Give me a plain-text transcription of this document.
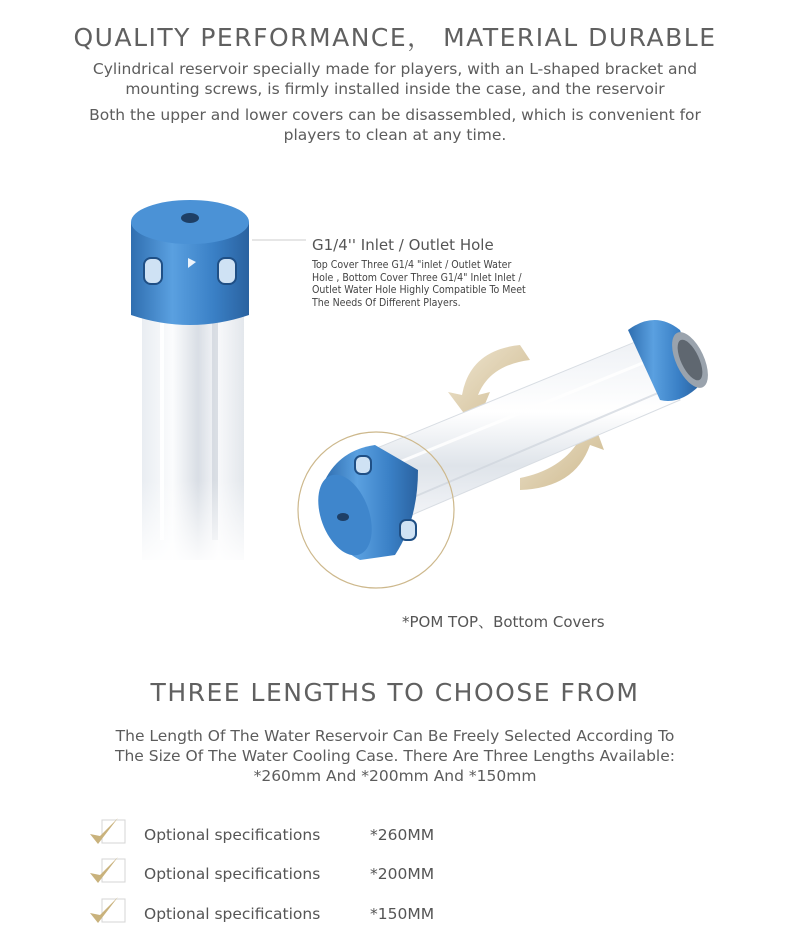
QUALITY PERFORMANCE， MATERIAL DURABLE
Cylindrical reservoir specially made for players, with an L-shaped bracket and
mounting screws, is firmly installed inside the case, and the reservoir
Both the upper and lower covers can be disassembled, which is convenient for
players to clean at any time.
G1/4'' Inlet / Outlet Hole
Top Cover Three G1/4 "inlet / Outlet Water
Hole , Bottom Cover Three G1/4" Inlet Inlet /
Outlet Water Hole Highly Compatible To Meet
The Needs Of Different Players.
*POM TOP、Bottom Covers
THREE LENGTHS TO CHOOSE FROM
The Length Of The Water Reservoir Can Be Freely Selected According To
The Size Of The Water Cooling Case. There Are Three Lengths Available:
*260mm And *200mm And *150mm
Optional specifications	*260MM
Optional specifications	*200MM
Optional specifications	*150MM
